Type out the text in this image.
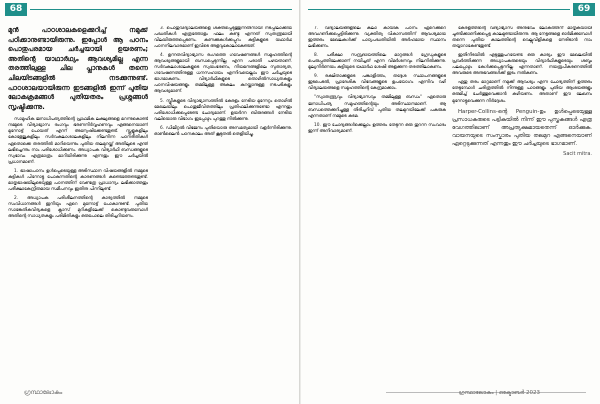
68

മുൻ പാഠശാലകളെക്കുറിച്ച് നമുക്ക് പഠിക്കാനുണ്ടായിരുന്നു. ഇപ്പോൾ ആ പഠനം പൊതുപരമായ ചർച്ചയായി ഉയരണം; അതിന്റെ യാഥാർഥ്യം ആവശ്യമില്ല എന്ന തരത്തിലുള്ള ചില പ്ലാനുകൾ തന്നെ ചിലയിടങ്ങളിൽ നടക്കുന്നുണ്ട്. പാഠശാലയായിരുന്ന ഇടങ്ങളിൽ ഇന്ന് പുതിയ ലോകക്രമങ്ങൾ പുതിയതരം പ്രശ്നങ്ങൾ സൃഷ്ടിക്കുന്നു.

സാമൂഹിക ജനാധിപത്യത്തിന്റെ പ്രാഥമിക ലക്ഷ്യങ്ങളെ മറന്നുകൊണ്ട് നമ്മുടെ വിദ്യാഭ്യാസ രംഗവും ഭരണനിർവ്വഹണവും എങ്ങനെയാണ് മുന്നോട്ട് പോയത് എന്ന് അന്വേഷിക്കേണ്ടതുണ്ട്. സ്കൂളുകളിലും കോളേജുകളിലും സർവകലാശാലകളിലും നിലനിന്ന പഠനരീതികൾ ഏതൊക്കെ തരത്തിൽ മാറിയെന്നും പുതിയ തലമുറയ്ക്ക് അതിലൂടെ എന്ത് ലഭിച്ചെന്നും നാം പരിശോധിക്കണം. അധ്യാപക വിദ്യാർഥി ബന്ധങ്ങളുടെ സ്വഭാവം എത്രമാത്രം മാറിയിരിക്കുന്നു എന്നതും ഈ ചർച്ചയിൽ പ്രധാനമാണ്.

1. ഭാഷാപഠനം ഉൾപ്പെടെയുള്ള അടിസ്ഥാന വിഷയങ്ങളിൽ നമ്മുടെ കുട്ടികൾ പിന്നോട്ടു പോകുന്നതിന്റെ കാരണങ്ങൾ കണ്ടെത്തേണ്ടതുണ്ട്. മാതൃഭാഷയിലൂടെയുള്ള പഠനത്തിന് വേണ്ടത്ര പ്രാധാന്യം ലഭിക്കാത്തതും പരീക്ഷാകേന്ദ്രിതമായ സമീപനവും ഇതിനു പിന്നിലുണ്ട്.

2. അധ്യാപക പരിശീലനത്തിന്റെ കാര്യത്തിൽ നമ്മുടെ സംവിധാനങ്ങൾ ഇനിയും ഏറെ മുന്നോട്ട് പോകാനുണ്ട്. പുതിയ സാങ്കേതികവിദ്യകളെ ക്ലാസ് മുറികളിലേക്ക് കൊണ്ടുവരുമ്പോൾ അതിന്റെ സാധ്യതകളും പരിമിതികളും ഒരുപോലെ തിരിച്ചറിയണം.

3. പൊതുവിദ്യാലയങ്ങളെ ശക്തിപ്പെടുത്തുന്നതിനായി നടപ്പിലാക്കിയ പദ്ധതികൾ എത്രത്തോളം ഫലം കണ്ടു എന്നത് സ്വതന്ത്രമായി വിലയിരുത്തപ്പെടണം. കണക്കുകൾക്കപ്പുറം കുട്ടികളുടെ യഥാർഥ പഠനനിലവാരമാണ് ഇവിടെ അളവുകോലാകേണ്ടത്.

4. ഉന്നതവിദ്യാഭ്യാസ രംഗത്തെ ഗവേഷണങ്ങൾ സമൂഹത്തിന്റെ ആവശ്യങ്ങളുമായി ബന്ധപ്പെടുന്നില്ല എന്ന പരാതി പഴയതാണ്. സർവകലാശാലകളുടെ സ്വയംഭരണം, നിയമനങ്ങളിലെ സുതാര്യത, ഗവേഷണത്തിനുള്ള ധനസഹായം എന്നിവയെല്ലാം ഈ ചർച്ചയുടെ ഭാഗമാകണം. വിദ്യാർഥികളുടെ തൊഴിൽസാധ്യതകളും പഠനവിഷയങ്ങളും തമ്മിലുള്ള അകലം കുറയ്ക്കാനുള്ള നടപടികളും ആവശ്യമാണ്.

5. സ്ത്രീകളുടെ വിദ്യാഭ്യാസത്തിൽ കേരളം നേടിയ മുന്നേറ്റം തൊഴിൽ മേഖലയിലും പൊതുജീവിതത്തിലും പ്രതിഫലിക്കുന്നുണ്ടോ എന്നതും പരിശോധിക്കപ്പെടേണ്ട ചോദ്യമാണ്. ഉയർന്ന ബിരുദങ്ങൾ നേടിയ വലിയൊരു വിഭാഗം ഇപ്പോഴും പുറത്തു നിൽക്കുന്നു.

6. ഡിജിറ്റൽ വിഭജനം പുതിയൊരു അസമത്വമായി വളർന്നിരിക്കുന്നു. ഓൺലൈൻ പഠനകാലം അത് കൂടുതൽ തെളിയിച്ചു.

69

7. വിദ്യാലയങ്ങളിലെ കലാ കായിക പഠനം ഏറെക്കുറെ അവഗണിക്കപ്പെട്ടിരിക്കുന്നു. വ്യക്തിത്വ വികാസത്തിന് ആവശ്യമായ ഇത്തരം മേഖലകൾക്ക് പാഠ്യപദ്ധതിയിൽ അർഹമായ സ്ഥാനം ലഭിക്കണം.

8. പരീക്ഷാ സമ്പ്രദായത്തിലെ മാറ്റങ്ങൾ ഗ്രേഡുകളുടെ പെരുപ്പത്തിലേക്കാണ് നയിച്ചത് എന്ന വിമർശനവും നിലനിൽക്കുന്നു. മൂല്യനിർണയം കുട്ടിയുടെ യഥാർഥ ശേഷി അളക്കുന്ന തരത്തിലാകണം.

9. രക്ഷിതാക്കളുടെ പങ്കാളിത്തം, തദ്ദേശ സ്ഥാപനങ്ങളുടെ ഇടപെടൽ, പ്രാദേശിക വിഭവങ്ങളുടെ ഉപയോഗം എന്നിവ വഴി വിദ്യാലയങ്ങളെ സമൂഹത്തിന്റെ കേന്ദ്രമാക്കാം.

"സ്വാതന്ത്ര്യവും വിദ്യാഭ്യാസവും തമ്മിലുള്ള ബന്ധം" ഏതൊരു ജനാധിപത്യ സമൂഹത്തിന്റെയും അടിസ്ഥാനമാണ്. ആ ബന്ധത്തെക്കുറിച്ചുള്ള തിരിച്ചറിവ് പുതിയ തലമുറയിലേക്ക് പകരുക എന്നതാണ് നമ്മുടെ കടമ.

10. ഈ ചോദ്യങ്ങൾക്കെല്ലാം ഉത്തരം തേടുന്ന ഒരു തുറന്ന സംവാദം ഇന്ന് അനിവാര്യമാണ്.

കേരളത്തിന്റെ വിദ്യാഭ്യാസ അനുഭവം ലോകത്തിന് മാതൃകയായി ചൂണ്ടിക്കാണിക്കപ്പെട്ട കാലമുണ്ടായിരുന്നു. ആ നേട്ടങ്ങളെ ഓർമിക്കുമ്പോൾ തന്നെ പുതിയ കാലത്തിന്റെ വെല്ലുവിളികളെ നേരിടാൻ നാം തയ്യാറാകേണ്ടതുണ്ട്.

ഇതിനിടയിൽ എടുത്തുപറയേണ്ട ഒരു കാര്യം ഈ മേഖലയിൽ പ്രവർത്തിക്കുന്ന അധ്യാപകരുടെയും വിദ്യാർഥികളുടെയും ശബ്ദം പലപ്പോഴും കേൾക്കപ്പെടുന്നില്ല എന്നതാണ്. നയരൂപീകരണത്തിൽ അവരുടെ അനുഭവങ്ങൾക്ക് ഇടം നൽകണം.

ഏതു തരം മാറ്റമാണ് നമുക്ക് ആവശ്യം എന്ന ചോദ്യത്തിന് ഉത്തരം തേടുമ്പോൾ ചരിത്രത്തിൽ നിന്നുള്ള പാഠങ്ങളും പുതിയ ആശയങ്ങളും ഒരുമിച്ച് ചേർത്തുവെക്കാൻ കഴിയണം. അതാണ് ഈ ലേഖനം മുന്നോട്ടുവെക്കുന്ന നിർദ്ദേശം.

Harper-Collins-ന്റെ Penguin-ഉം ഉൾപ്പെടെയുള്ള പ്രസാധകരുടെ പട്ടികയിൽ നിന്ന് ഈ പുസ്തകങ്ങൾ എത്ര വേഗത്തിലാണ് അപ്രത്യക്ഷമായതെന്ന് ഓർക്കുക. വായനയുടെ സംസ്കാരം പുതിയ തലമുറ എങ്ങനെയാണ് ഏറ്റെടുക്കുന്നത് എന്നതും ഈ ചർച്ചയുടെ ഭാഗമാണ്.

Sacit mitra.

ഗ്രന്ഥാലോകം	ഗ്രന്ഥാലോകം | ഒക്ടോബർ 2023
